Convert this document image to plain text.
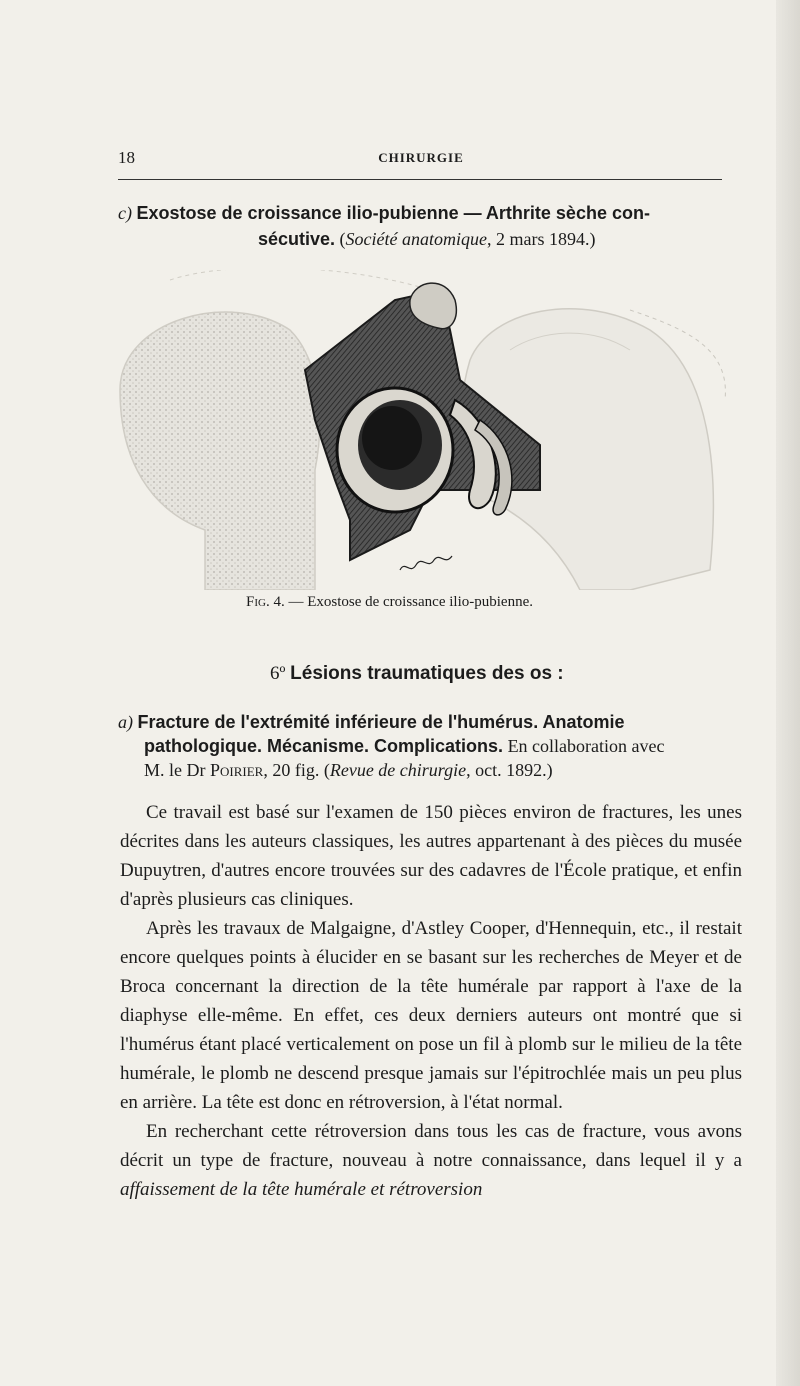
18	CHIRURGIE
c) Exostose de croissance ilio-pubienne — Arthrite sèche con-
sécutive. (Société anatomique, 2 mars 1894.)
Fig. 4. — Exostose de croissance ilio-pubienne.
6º Lésions traumatiques des os :
a) Fracture de l'extrémité inférieure de l'humérus. Anatomie
pathologique. Mécanisme. Complications. En collaboration avec
M. le Dr Poirier, 20 fig. (Revue de chirurgie, oct. 1892.)

Ce travail est basé sur l'examen de 150 pièces environ de fractures, les unes décrites dans les auteurs classiques, les autres appartenant à des pièces du musée Dupuytren, d'autres encore trouvées sur des cadavres de l'École pratique, et enfin d'après plusieurs cas cliniques.

Après les travaux de Malgaigne, d'Astley Cooper, d'Hennequin, etc., il restait encore quelques points à élucider en se basant sur les recherches de Meyer et de Broca concernant la direction de la tête humérale par rapport à l'axe de la diaphyse elle-même. En effet, ces deux derniers auteurs ont montré que si l'humérus étant placé verticalement on pose un fil à plomb sur le milieu de la tête humérale, le plomb ne descend presque jamais sur l'épitrochlée mais un peu plus en arrière. La tête est donc en rétroversion, à l'état normal.

En recherchant cette rétroversion dans tous les cas de fracture, vous avons décrit un type de fracture, nouveau à notre connaissance, dans lequel il y a affaissement de la tête humérale et rétroversion
